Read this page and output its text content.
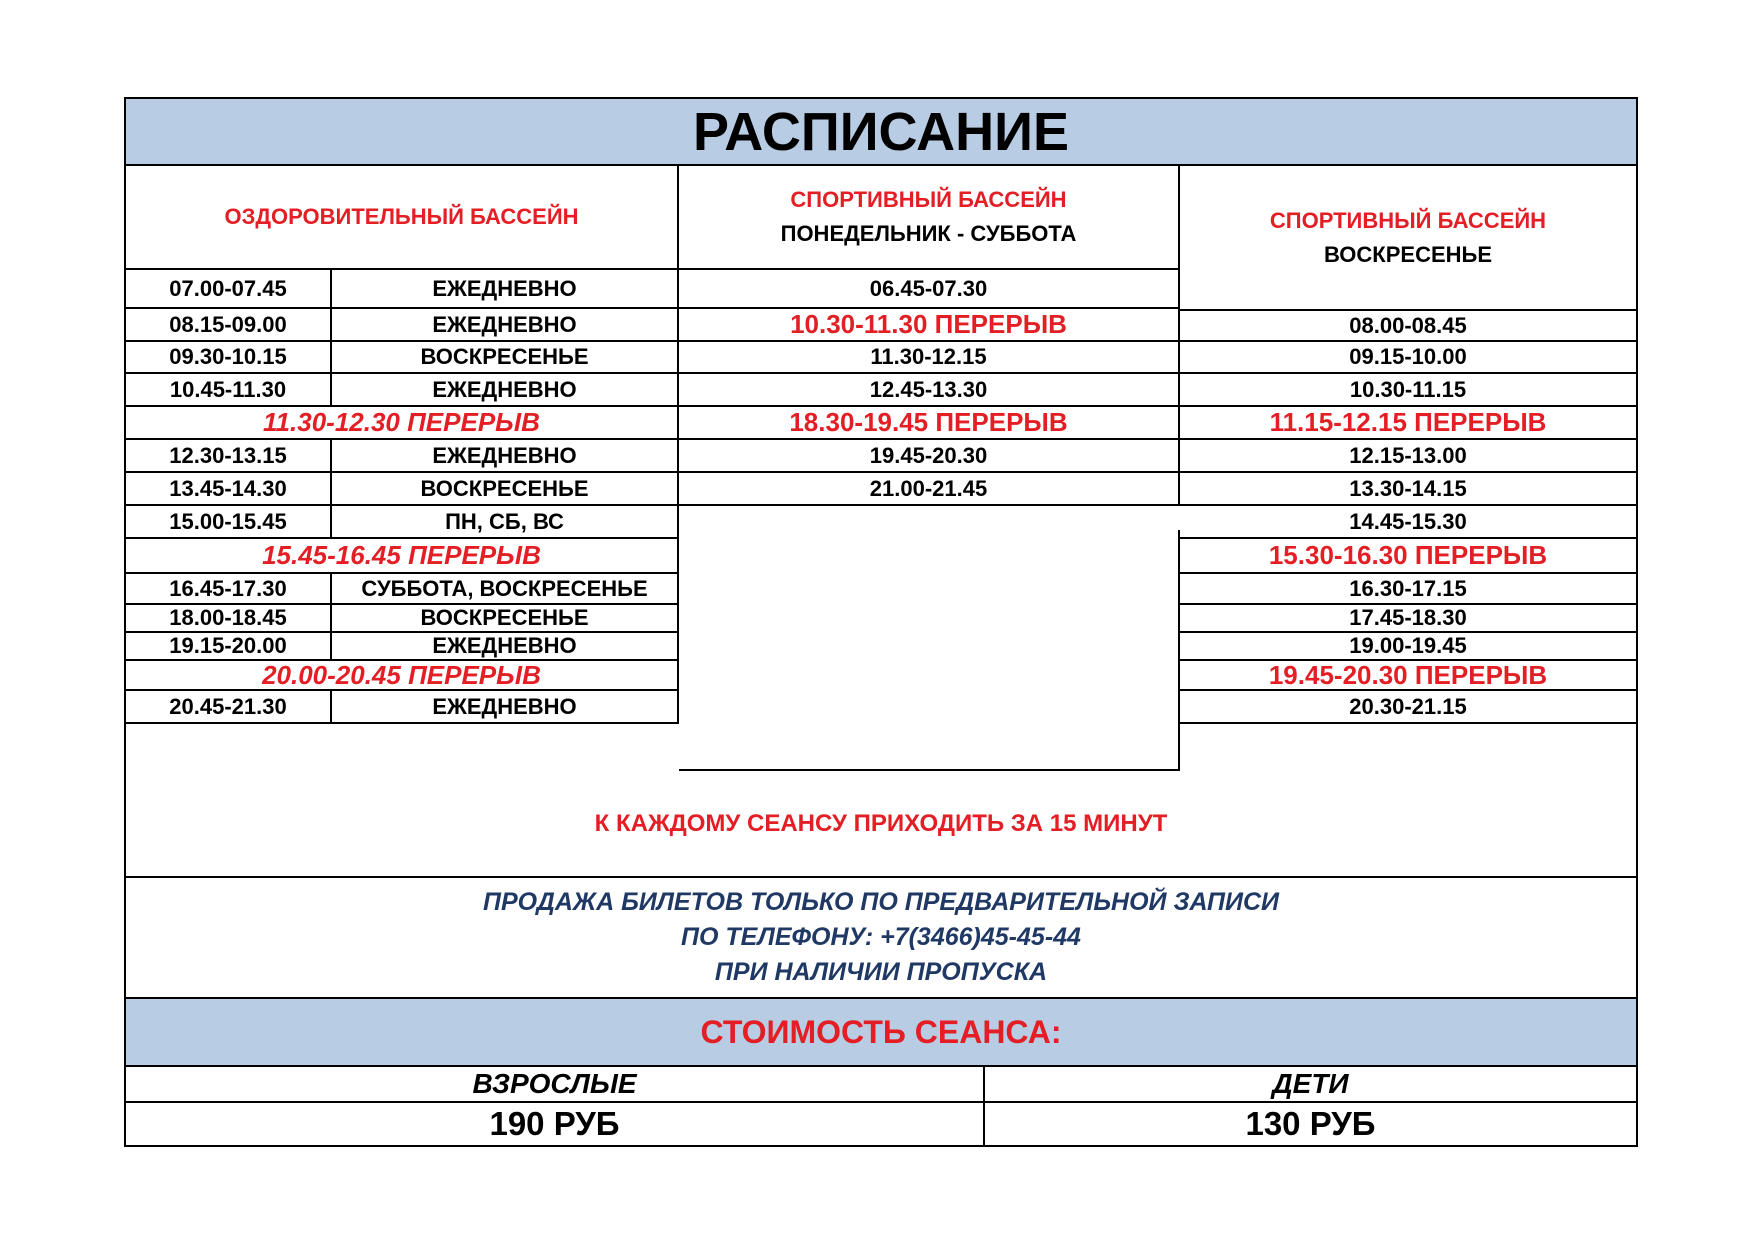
РАСПИСАНИЕ
ОЗДОРОВИТЕЛЬНЫЙ БАССЕЙН
СПОРТИВНЫЙ БАССЕЙН
ПОНЕДЕЛЬНИК - СУББОТА
СПОРТИВНЫЙ БАССЕЙН
ВОСКРЕСЕНЬЕ
07.00-07.45	ЕЖЕДНЕВНО
08.15-09.00	ЕЖЕДНЕВНО
09.30-10.15	ВОСКРЕСЕНЬЕ
10.45-11.30	ЕЖЕДНЕВНО
11.30-12.30 ПЕРЕРЫВ
12.30-13.15	ЕЖЕДНЕВНО
13.45-14.30	ВОСКРЕСЕНЬЕ
15.00-15.45	ПН, СБ, ВС
15.45-16.45 ПЕРЕРЫВ
16.45-17.30	СУББОТА, ВОСКРЕСЕНЬЕ
18.00-18.45	ВОСКРЕСЕНЬЕ
19.15-20.00	ЕЖЕДНЕВНО
20.00-20.45 ПЕРЕРЫВ
20.45-21.30	ЕЖЕДНЕВНО
06.45-07.30
10.30-11.30 ПЕРЕРЫВ
11.30-12.15
12.45-13.30
18.30-19.45 ПЕРЕРЫВ
19.45-20.30
21.00-21.45
08.00-08.45
09.15-10.00
10.30-11.15
11.15-12.15 ПЕРЕРЫВ
12.15-13.00
13.30-14.15
14.45-15.30
15.30-16.30 ПЕРЕРЫВ
16.30-17.15
17.45-18.30
19.00-19.45
19.45-20.30 ПЕРЕРЫВ
20.30-21.15
К КАЖДОМУ СЕАНСУ ПРИХОДИТЬ ЗА 15 МИНУТ
ПРОДАЖА БИЛЕТОВ ТОЛЬКО ПО ПРЕДВАРИТЕЛЬНОЙ ЗАПИСИ
ПО ТЕЛЕФОНУ: +7(3466)45-45-44
ПРИ НАЛИЧИИ ПРОПУСКА
СТОИМОСТЬ СЕАНСА:
ВЗРОСЛЫЕ	ДЕТИ
190 РУБ	130 РУБ
